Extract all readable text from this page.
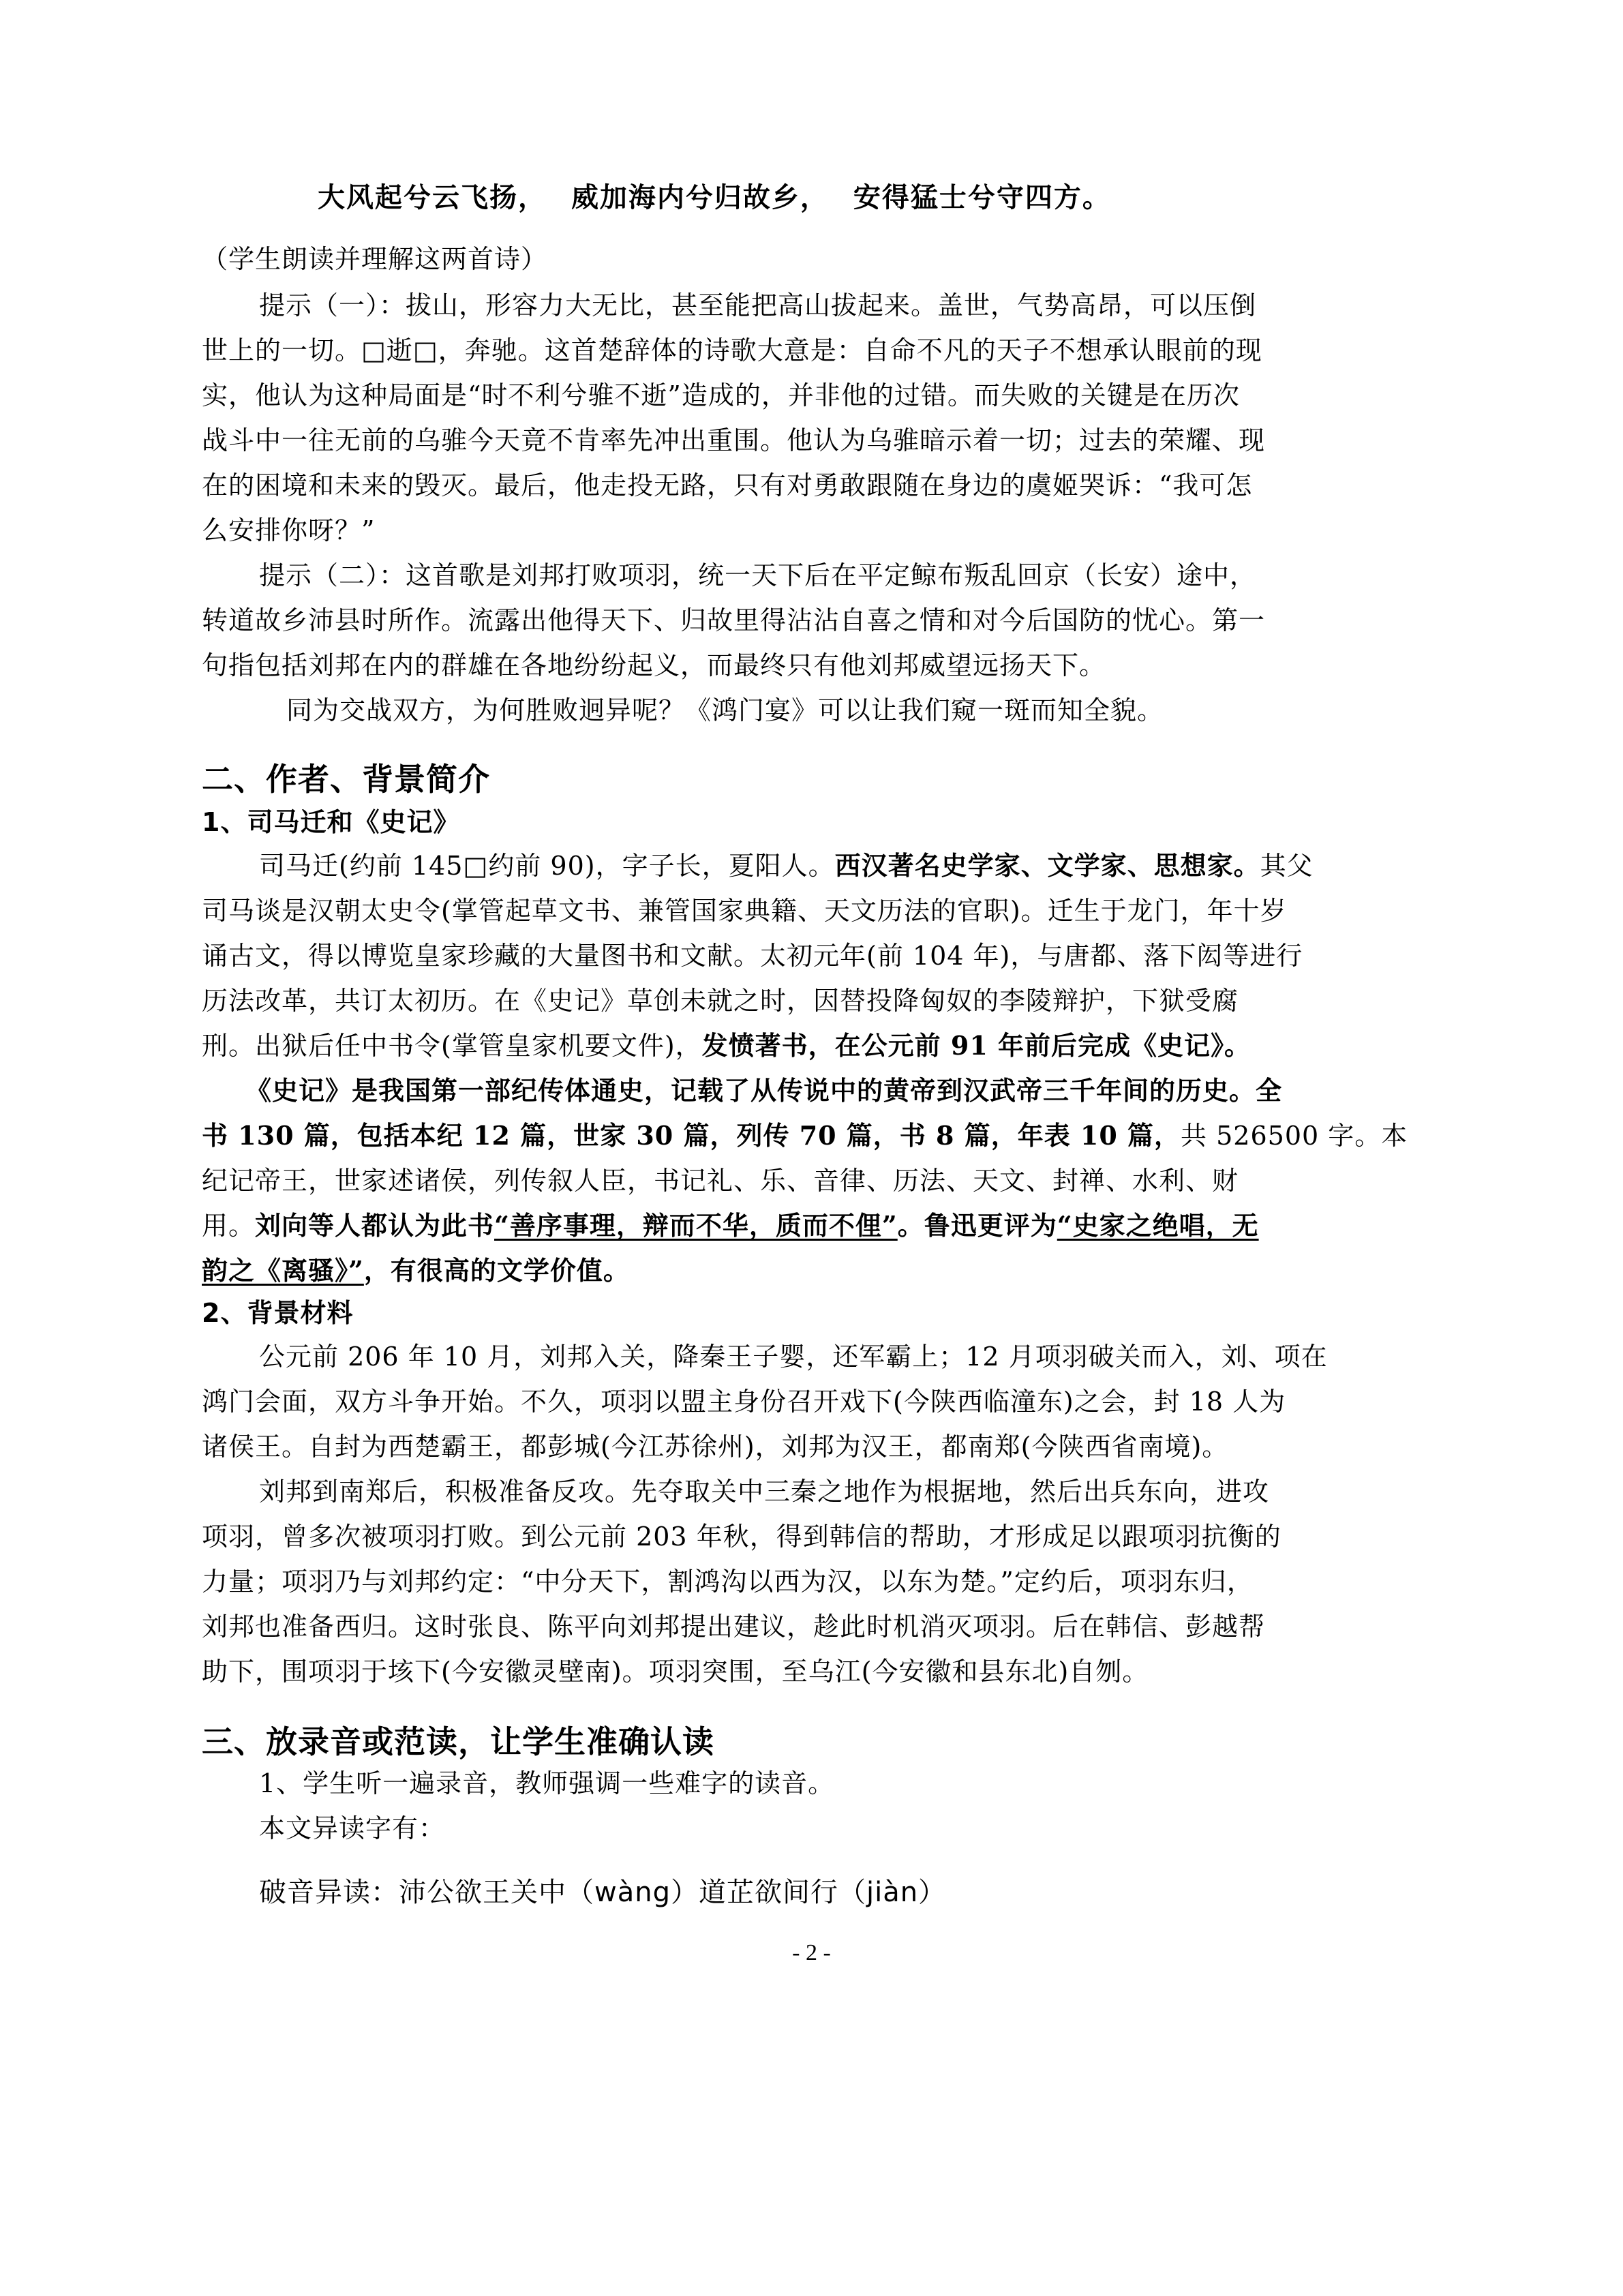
大风起兮云飞扬， 威加海内兮归故乡， 安得猛士兮守四方。
（学生朗读并理解这两首诗）
提示（一）：拔山，形容力大无比，甚至能把高山拔起来。盖世，气势高昂，可以压倒
世上的一切。□逝□，奔驰。这首楚辞体的诗歌大意是：自命不凡的天子不想承认眼前的现
实，他认为这种局面是“时不利兮骓不逝”造成的，并非他的过错。而失败的关键是在历次
战斗中一往无前的乌骓今天竟不肯率先冲出重围。他认为乌骓暗示着一切；过去的荣耀、现
在的困境和未来的毁灭。最后，他走投无路，只有对勇敢跟随在身边的虞姬哭诉：“我可怎
么安排你呀？”
提示（二）：这首歌是刘邦打败项羽，统一天下后在平定鲸布叛乱回京（长安）途中，
转道故乡沛县时所作。流露出他得天下、归故里得沾沾自喜之情和对今后国防的忧心。第一
句指包括刘邦在内的群雄在各地纷纷起义，而最终只有他刘邦威望远扬天下。
同为交战双方，为何胜败迥异呢？《鸿门宴》可以让我们窥一斑而知全貌。
二、作者、背景简介
1、司马迁和《史记》
司马迁(约前 145□约前 90)，字子长，夏阳人。西汉著名史学家、文学家、思想家。其父
司马谈是汉朝太史令(掌管起草文书、兼管国家典籍、天文历法的官职)。迁生于龙门，年十岁
诵古文，得以博览皇家珍藏的大量图书和文献。太初元年(前 104 年)，与唐都、落下闳等进行
历法改革，共订太初历。在《史记》草创未就之时，因替投降匈奴的李陵辩护，下狱受腐
刑。出狱后任中书令(掌管皇家机要文件)，发愤著书，在公元前 91 年前后完成《史记》。
《史记》是我国第一部纪传体通史，记载了从传说中的黄帝到汉武帝三千年间的历史。全
书 130 篇，包括本纪 12 篇，世家 30 篇，列传 70 篇，书 8 篇，年表 10 篇，共 526500 字。本
纪记帝王，世家述诸侯，列传叙人臣，书记礼、乐、音律、历法、天文、封禅、水利、财
用。刘向等人都认为此书“善序事理，辩而不华，质而不俚”。鲁迅更评为“史家之绝唱，无
韵之《离骚》”，有很高的文学价值。
2、背景材料
公元前 206 年 10 月，刘邦入关，降秦王子婴，还军霸上；12 月项羽破关而入，刘、项在
鸿门会面，双方斗争开始。不久，项羽以盟主身份召开戏下(今陕西临潼东)之会，封 18 人为
诸侯王。自封为西楚霸王，都彭城(今江苏徐州)，刘邦为汉王，都南郑(今陕西省南境)。
刘邦到南郑后，积极准备反攻。先夺取关中三秦之地作为根据地，然后出兵东向，进攻
项羽，曾多次被项羽打败。到公元前 203 年秋，得到韩信的帮助，才形成足以跟项羽抗衡的
力量；项羽乃与刘邦约定：“中分天下，割鸿沟以西为汉，以东为楚。”定约后，项羽东归，
刘邦也准备西归。这时张良、陈平向刘邦提出建议，趁此时机消灭项羽。后在韩信、彭越帮
助下，围项羽于垓下(今安徽灵壁南)。项羽突围，至乌江(今安徽和县东北)自刎。
三、放录音或范读，让学生准确认读
1、学生听一遍录音，教师强调一些难字的读音。
本文异读字有：
破音异读：沛公欲王关中（wàng）道芷欲间行（jiàn）
- 2 -
